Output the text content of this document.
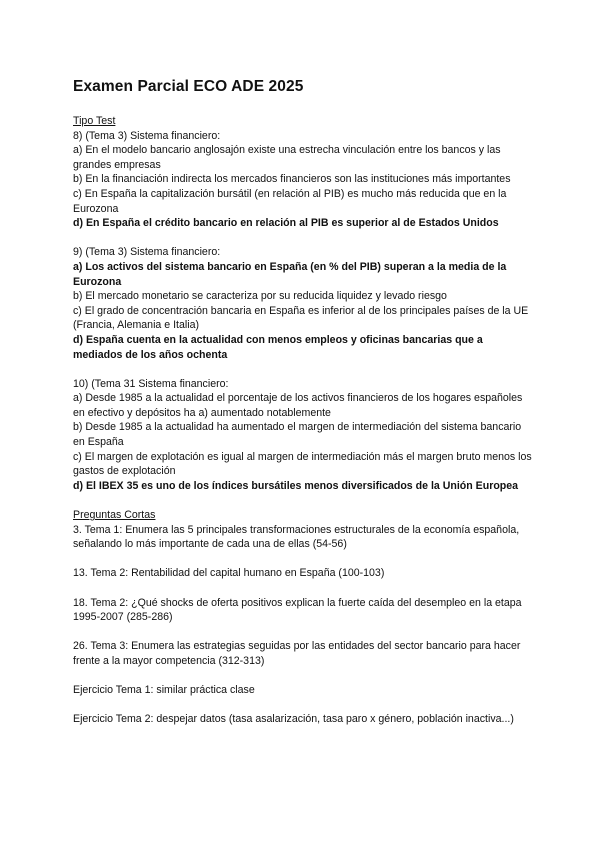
Examen Parcial ECO ADE 2025
Tipo Test

8) (Tema 3) Sistema financiero:

a) En el modelo bancario anglosajón existe una estrecha vinculación entre los bancos y las grandes empresas

b) En la financiación indirecta los mercados financieros son las instituciones más importantes

c) En España la capitalización bursátil (en relación al PIB) es mucho más reducida que en la Eurozona

d) En España el crédito bancario en relación al PIB es superior al de Estados Unidos

9) (Tema 3) Sistema financiero:

a) Los activos del sistema bancario en España (en % del PIB) superan a la media de la Eurozona

b) El mercado monetario se caracteriza por su reducida liquidez y levado riesgo

c) El grado de concentración bancaria en España es inferior al de los principales países de la UE (Francia, Alemania e Italia)

d) España cuenta en la actualidad con menos empleos y oficinas bancarias que a mediados de los años ochenta

10) (Tema 31 Sistema financiero:

a) Desde 1985 a la actualidad el porcentaje de los activos financieros de los hogares españoles en efectivo y depósitos ha a) aumentado notablemente

b) Desde 1985 a la actualidad ha aumentado el margen de intermediación del sistema bancario en España

c) El margen de explotación es igual al margen de intermediación más el margen bruto menos los gastos de explotación

d) El IBEX 35 es uno de los índices bursátiles menos diversificados de la Unión Europea

Preguntas Cortas

3. Tema 1: Enumera las 5 principales transformaciones estructurales de la economía española, señalando lo más importante de cada una de ellas (54-56)

13. Tema 2: Rentabilidad del capital humano en España (100-103)

18. Tema 2: ¿Qué shocks de oferta positivos explican la fuerte caída del desempleo en la etapa 1995-2007 (285-286)

26. Tema 3: Enumera las estrategias seguidas por las entidades del sector bancario para hacer frente a la mayor competencia (312-313)

Ejercicio Tema 1: similar práctica clase

Ejercicio Tema 2: despejar datos (tasa asalarización, tasa paro x género, población inactiva...)
